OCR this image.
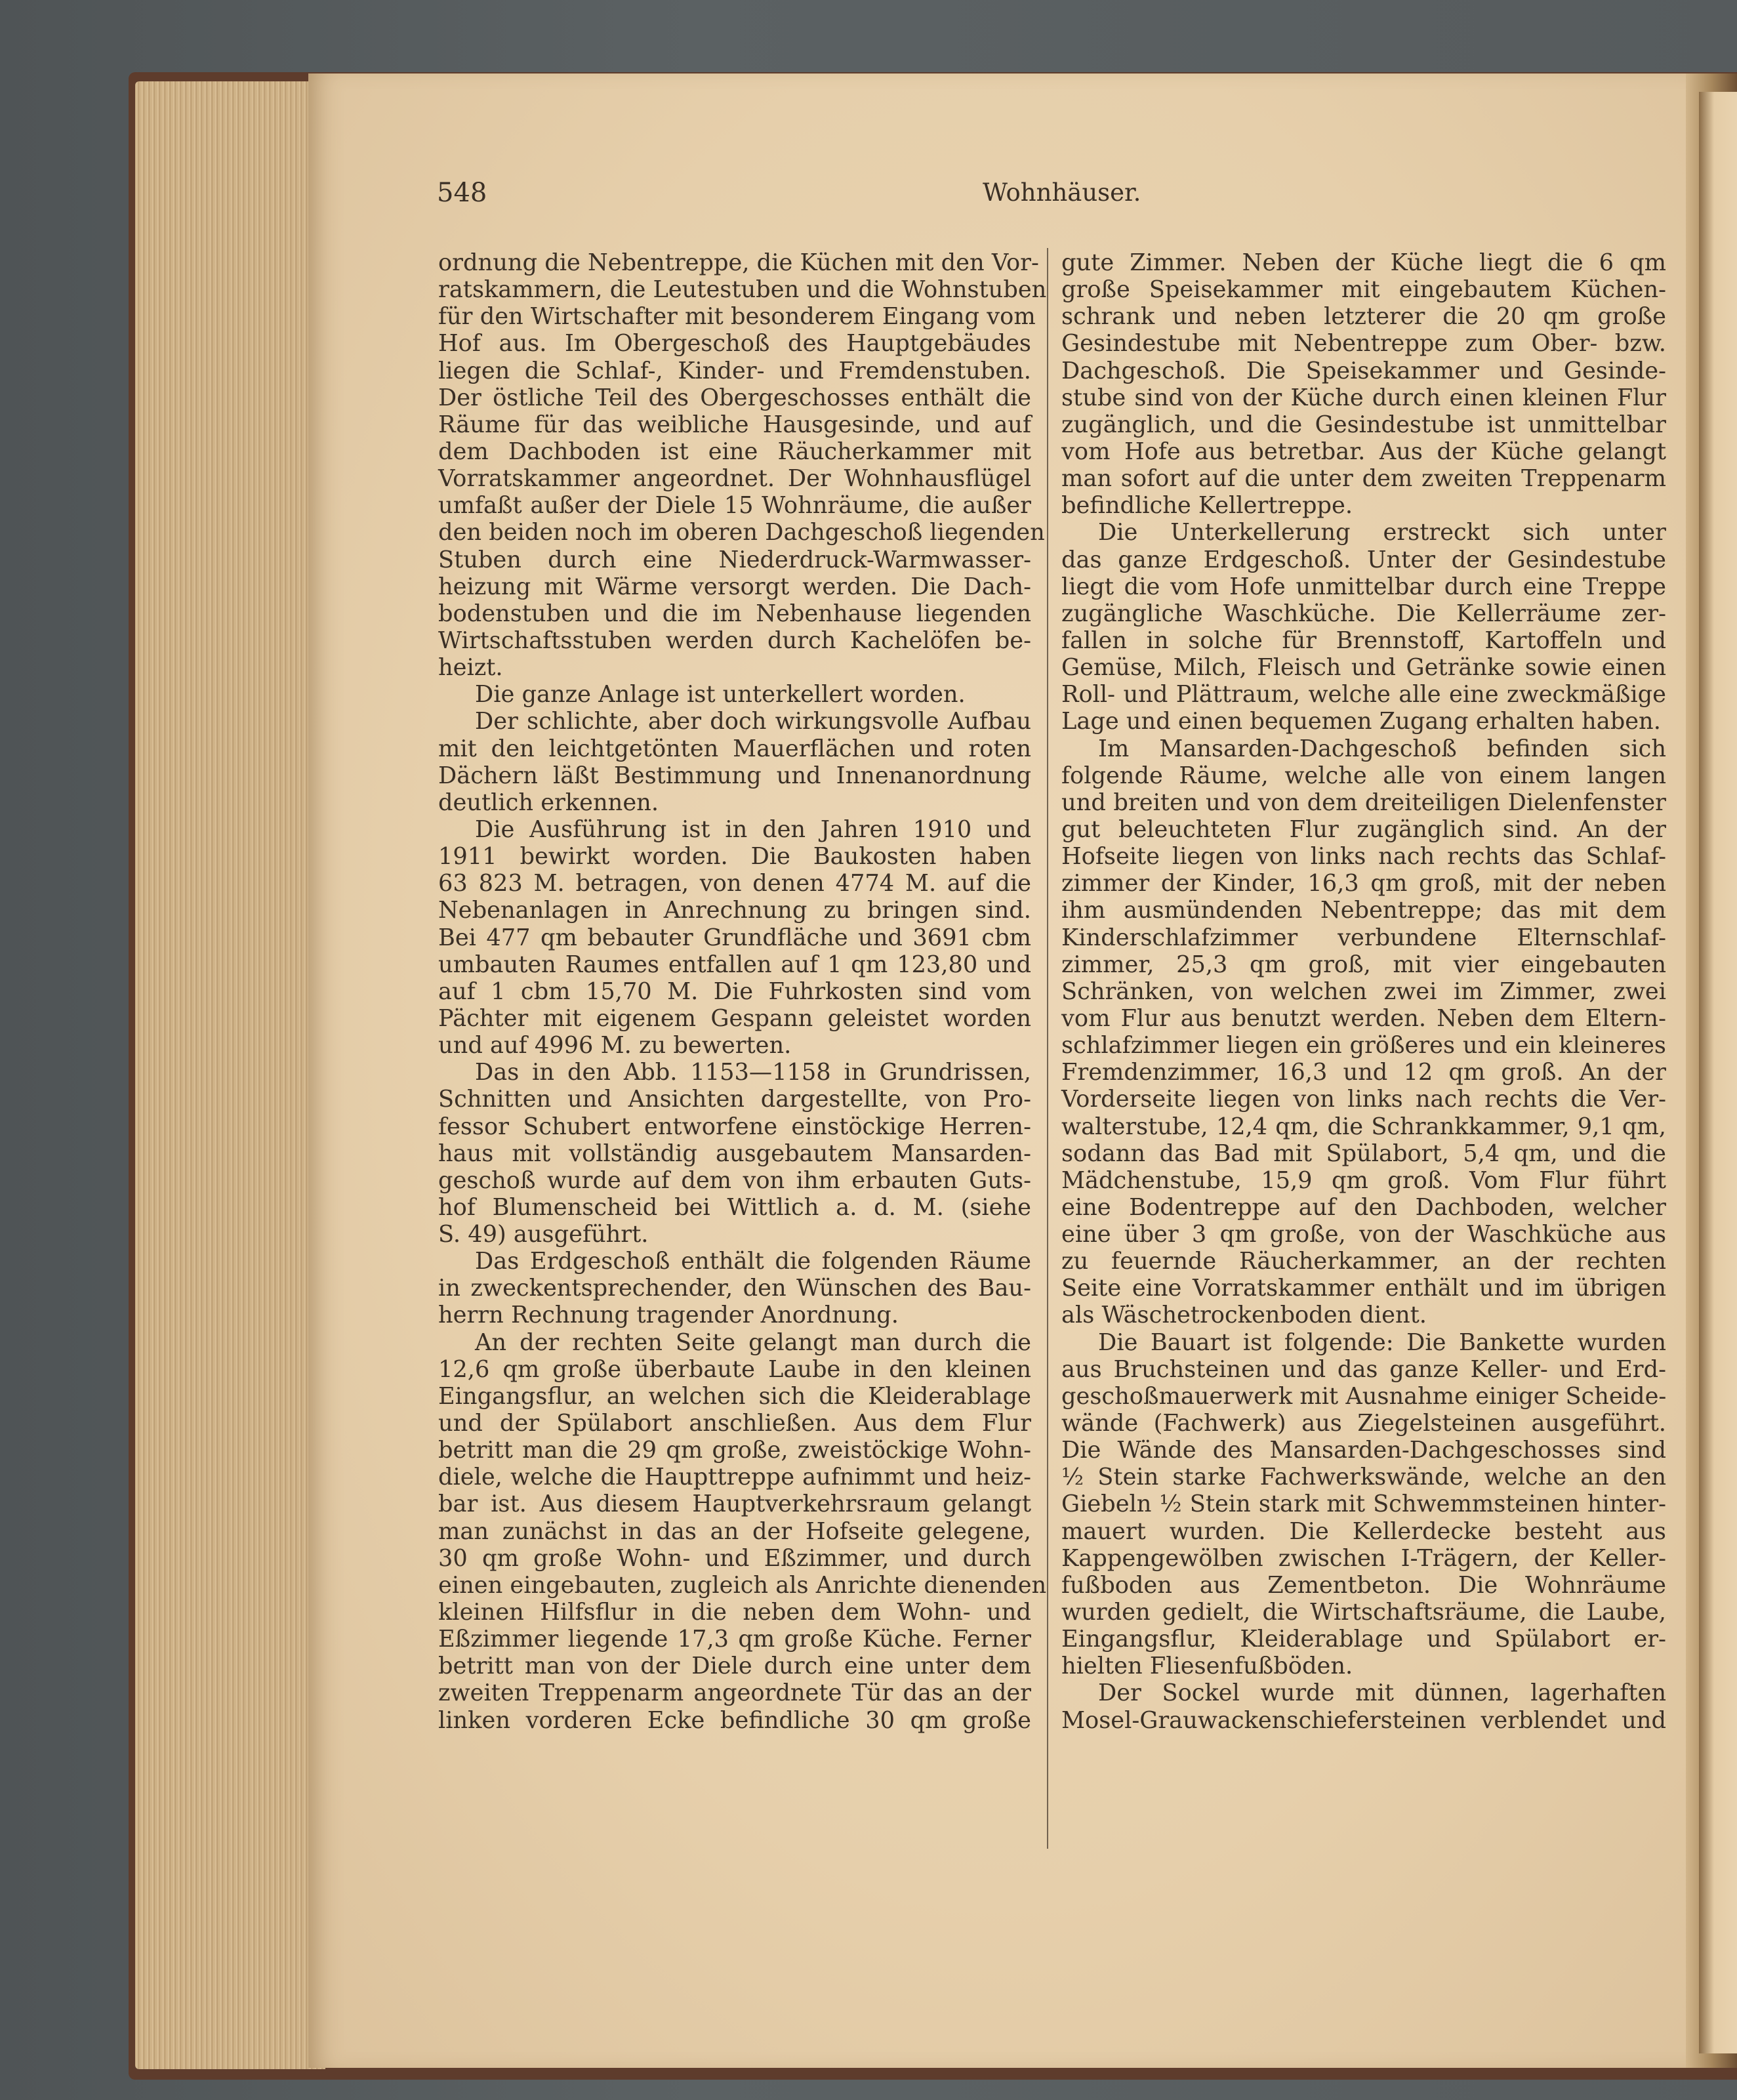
548	Wohnhäuser.
ordnung die Nebentreppe, die Küchen mit den Vor-
ratskammern, die Leutestuben und die Wohnstuben
für den Wirtschafter mit besonderem Eingang vom
Hof aus. Im Obergeschoß des Hauptgebäudes
liegen die Schlaf-, Kinder- und Fremdenstuben.
Der östliche Teil des Obergeschosses enthält die
Räume für das weibliche Hausgesinde, und auf
dem Dachboden ist eine Räucherkammer mit
Vorratskammer angeordnet. Der Wohnhausflügel
umfaßt außer der Diele 15 Wohnräume, die außer
den beiden noch im oberen Dachgeschoß liegenden
Stuben durch eine Niederdruck-Warmwasser-
heizung mit Wärme versorgt werden. Die Dach-
bodenstuben und die im Nebenhause liegenden
Wirtschaftsstuben werden durch Kachelöfen be-
heizt.
Die ganze Anlage ist unterkellert worden.
Der schlichte, aber doch wirkungsvolle Aufbau
mit den leichtgetönten Mauerflächen und roten
Dächern läßt Bestimmung und Innenanordnung
deutlich erkennen.
Die Ausführung ist in den Jahren 1910 und
1911 bewirkt worden. Die Baukosten haben
63 823 M. betragen, von denen 4774 M. auf die
Nebenanlagen in Anrechnung zu bringen sind.
Bei 477 qm bebauter Grundfläche und 3691 cbm
umbauten Raumes entfallen auf 1 qm 123,80 und
auf 1 cbm 15,70 M. Die Fuhrkosten sind vom
Pächter mit eigenem Gespann geleistet worden
und auf 4996 M. zu bewerten.
Das in den Abb. 1153—1158 in Grundrissen,
Schnitten und Ansichten dargestellte, von Pro-
fessor Schubert entworfene einstöckige Herren-
haus mit vollständig ausgebautem Mansarden-
geschoß wurde auf dem von ihm erbauten Guts-
hof Blumenscheid bei Wittlich a. d. M. (siehe
S. 49) ausgeführt.
Das Erdgeschoß enthält die folgenden Räume
in zweckentsprechender, den Wünschen des Bau-
herrn Rechnung tragender Anordnung.
An der rechten Seite gelangt man durch die
12,6 qm große überbaute Laube in den kleinen
Eingangsflur, an welchen sich die Kleiderablage
und der Spülabort anschließen. Aus dem Flur
betritt man die 29 qm große, zweistöckige Wohn-
diele, welche die Haupttreppe aufnimmt und heiz-
bar ist. Aus diesem Hauptverkehrsraum gelangt
man zunächst in das an der Hofseite gelegene,
30 qm große Wohn- und Eßzimmer, und durch
einen eingebauten, zugleich als Anrichte dienenden
kleinen Hilfsflur in die neben dem Wohn- und
Eßzimmer liegende 17,3 qm große Küche. Ferner
betritt man von der Diele durch eine unter dem
zweiten Treppenarm angeordnete Tür das an der
linken vorderen Ecke befindliche 30 qm große
gute Zimmer. Neben der Küche liegt die 6 qm
große Speisekammer mit eingebautem Küchen-
schrank und neben letzterer die 20 qm große
Gesindestube mit Nebentreppe zum Ober- bzw.
Dachgeschoß. Die Speisekammer und Gesinde-
stube sind von der Küche durch einen kleinen Flur
zugänglich, und die Gesindestube ist unmittelbar
vom Hofe aus betretbar. Aus der Küche gelangt
man sofort auf die unter dem zweiten Treppenarm
befindliche Kellertreppe.
Die Unterkellerung erstreckt sich unter
das ganze Erdgeschoß. Unter der Gesindestube
liegt die vom Hofe unmittelbar durch eine Treppe
zugängliche Waschküche. Die Kellerräume zer-
fallen in solche für Brennstoff, Kartoffeln und
Gemüse, Milch, Fleisch und Getränke sowie einen
Roll- und Plättraum, welche alle eine zweckmäßige
Lage und einen bequemen Zugang erhalten haben.
Im Mansarden-Dachgeschoß befinden sich
folgende Räume, welche alle von einem langen
und breiten und von dem dreiteiligen Dielenfenster
gut beleuchteten Flur zugänglich sind. An der
Hofseite liegen von links nach rechts das Schlaf-
zimmer der Kinder, 16,3 qm groß, mit der neben
ihm ausmündenden Nebentreppe; das mit dem
Kinderschlafzimmer verbundene Elternschlaf-
zimmer, 25,3 qm groß, mit vier eingebauten
Schränken, von welchen zwei im Zimmer, zwei
vom Flur aus benutzt werden. Neben dem Eltern-
schlafzimmer liegen ein größeres und ein kleineres
Fremdenzimmer, 16,3 und 12 qm groß. An der
Vorderseite liegen von links nach rechts die Ver-
walterstube, 12,4 qm, die Schrankkammer, 9,1 qm,
sodann das Bad mit Spülabort, 5,4 qm, und die
Mädchenstube, 15,9 qm groß. Vom Flur führt
eine Bodentreppe auf den Dachboden, welcher
eine über 3 qm große, von der Waschküche aus
zu feuernde Räucherkammer, an der rechten
Seite eine Vorratskammer enthält und im übrigen
als Wäschetrockenboden dient.
Die Bauart ist folgende: Die Bankette wurden
aus Bruchsteinen und das ganze Keller- und Erd-
geschoßmauerwerk mit Ausnahme einiger Scheide-
wände (Fachwerk) aus Ziegelsteinen ausgeführt.
Die Wände des Mansarden-Dachgeschosses sind
½ Stein starke Fachwerkswände, welche an den
Giebeln ½ Stein stark mit Schwemmsteinen hinter-
mauert wurden. Die Kellerdecke besteht aus
Kappengewölben zwischen I-Trägern, der Keller-
fußboden aus Zementbeton. Die Wohnräume
wurden gedielt, die Wirtschaftsräume, die Laube,
Eingangsflur, Kleiderablage und Spülabort er-
hielten Fliesenfußböden.
Der Sockel wurde mit dünnen, lagerhaften
Mosel-Grauwackenschiefersteinen verblendet und
